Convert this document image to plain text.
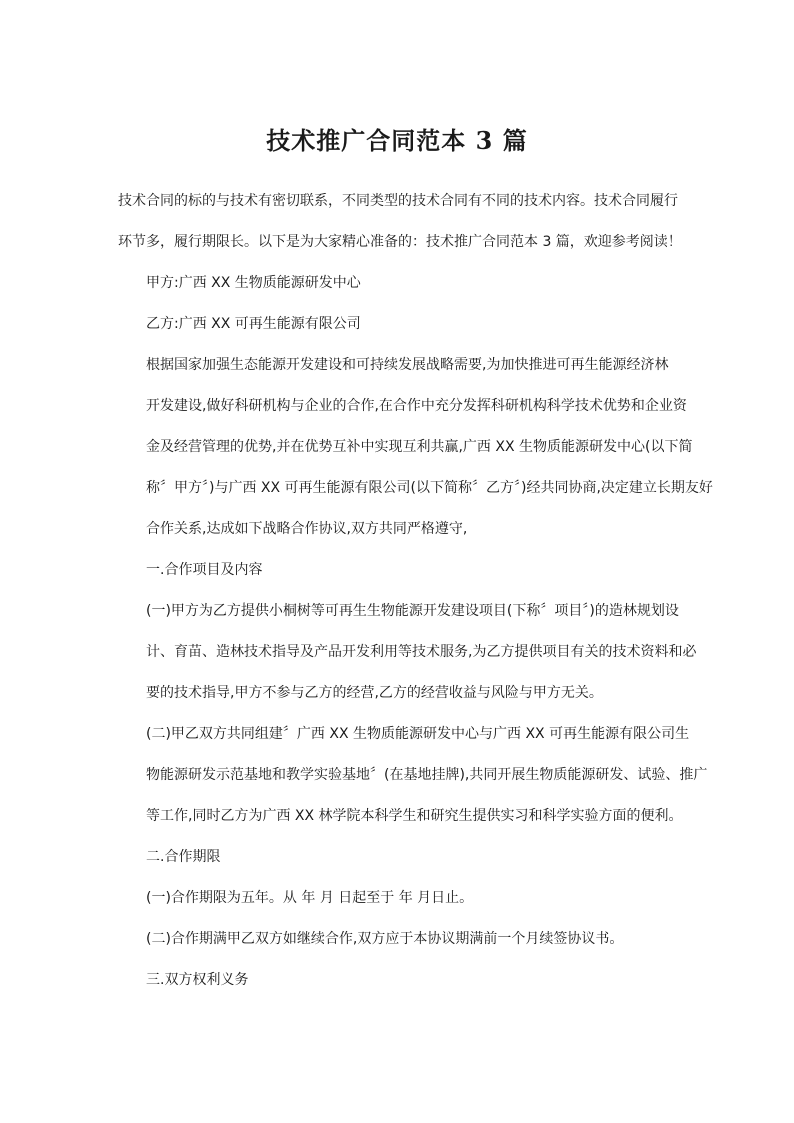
技术推广合同范本 3 篇
技术合同的标的与技术有密切联系，不同类型的技术合同有不同的技术内容。技术合同履行
环节多，履行期限长。以下是为大家精心准备的：技术推广合同范本 3 篇，欢迎参考阅读！
甲方:广西 XX 生物质能源研发中心
乙方:广西 XX 可再生能源有限公司
根据国家加强生态能源开发建设和可持续发展战略需要,为加快推进可再生能源经济林
开发建设,做好科研机构与企业的合作,在合作中充分发挥科研机构科学技术优势和企业资
金及经营管理的优势,并在优势互补中实现互利共赢,广西 XX 生物质能源研发中心(以下简
称〞甲方〞)与广西 XX 可再生能源有限公司(以下简称〞乙方〞)经共同协商,决定建立长期友好
合作关系,达成如下战略合作协议,双方共同严格遵守,
一.合作项目及内容
(一)甲方为乙方提供小桐树等可再生生物能源开发建设项目(下称〞项目〞)的造林规划设
计、育苗、造林技术指导及产品开发利用等技术服务,为乙方提供项目有关的技术资料和必
要的技术指导,甲方不参与乙方的经营,乙方的经营收益与风险与甲方无关。
(二)甲乙双方共同组建〞广西 XX 生物质能源研发中心与广西 XX 可再生能源有限公司生
物能源研发示范基地和教学实验基地〞(在基地挂牌),共同开展生物质能源研发、试验、推广
等工作,同时乙方为广西 XX 林学院本科学生和研究生提供实习和科学实验方面的便利。
二.合作期限
(一)合作期限为五年。从 年 月 日起至于 年 月日止。
(二)合作期满甲乙双方如继续合作,双方应于本协议期满前一个月续签协议书。
三.双方权利义务
